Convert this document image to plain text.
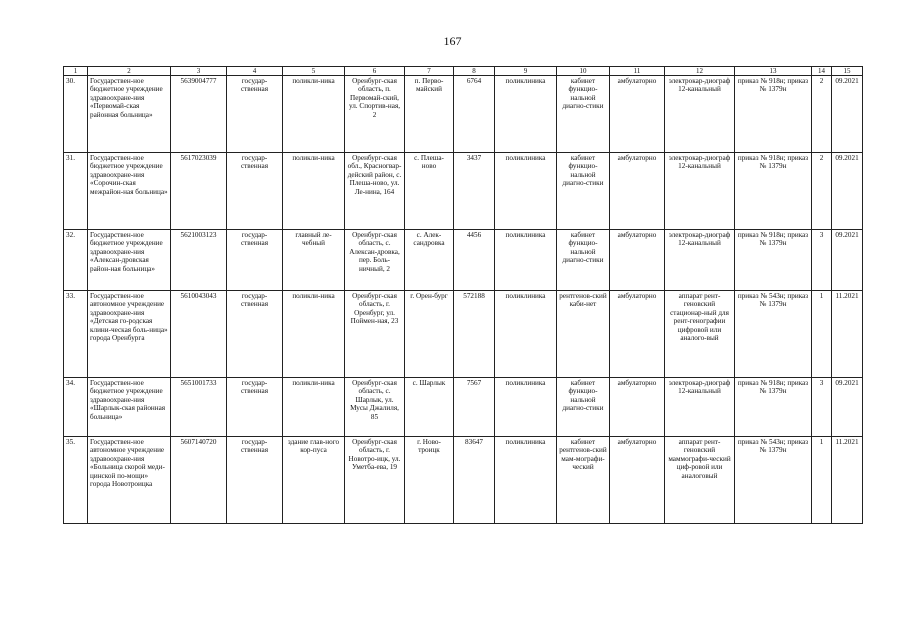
167
1	2	3	4	5	6	7	8	9	10	11	12	13	14	15
30.	Государствен-ное бюджетное учреждение здравоохране-ния «Первомай-ская районная больница»	5639004777	государ-ственная	поликли-ника	Оренбург-ская область, п. Первомай-ский, ул. Спортив-ная, 2	п. Перво-майский	6764	поликлиника	кабинет функцио-нальной диагно-стики	амбулаторно	электрокар-диограф 12-канальный	приказ № 918н; приказ № 1379н	2	09.2021
31.	Государствен-ное бюджетное учреждение здравоохране-ния «Сорочин-ская межрайон-ная больница»	5617023039	государ-ственная	поликли-ника	Оренбург-ская обл., Красногвар-дейский район, с. Плешa-ново, ул. Ле-нина, 164	с. Плеша-ново	3437	поликлиника	кабинет функцио-нальной диагно-стики	амбулаторно	электрокар-диограф 12-канальный	приказ № 918н; приказ № 1379н	2	09.2021
32.	Государствен-ное бюджетное учреждение здравоохране-ния «Алексан-дровская район-ная больница»	5621003123	государ-ственная	главный ле-чебный	Оренбург-ская область, с. Алексан-дровка, пер. Боль-ничный, 2	с. Алек-сандровка	4456	поликлиника	кабинет функцио-нальной диагно-стики	амбулаторно	электрокар-диограф 12-канальный	приказ № 918н; приказ № 1379н	3	09.2021
33.	Государствен-ное автономное учреждение здравоохране-ния «Детская го-родская клини-ческая боль-ница» города Оренбурга	5610043043	государ-ственная	поликли-ника	Оренбург-ская область, г. Оренбург, ул. Поймен-ная, 23	г. Орен-бург	572188	поликлиника	рентгенов-ский каби-нет	амбулаторно	аппарат рент-геновский стационар-ный для рент-генографии цифровой или аналого-вый	приказ № 543н; приказ № 1379н	1	11.2021
34.	Государствен-ное бюджетное учреждение здравоохране-ния «Шарлык-ская районная больница»	5651001733	государ-ственная	поликли-ника	Оренбург-ская область, с. Шарлык, ул. Мусы Джалиля, 85	с. Шарлык	7567	поликлиника	кабинет функцио-нальной диагно-стики	амбулаторно	электрокар-диограф 12-канальный	приказ № 918н; приказ № 1379н	3	09.2021
35.	Государствен-ное автономное учреждение здравоохране-ния «Больница скорой меди-цинской по-мощи» города Новотроицка	5607140720	государ-ственная	здание глав-ного кор-пуса	Оренбург-ская область, г. Новотро-ицк, ул. Уметба-ева, 19	г. Ново-троицк	83647	поликлиника	кабинет рентгенов-ский мам-мографи-ческий	амбулаторно	аппарат рент-геновский маммографи-ческий циф-ровой или аналоговый	приказ № 543н; приказ № 1379н	1	11.2021
